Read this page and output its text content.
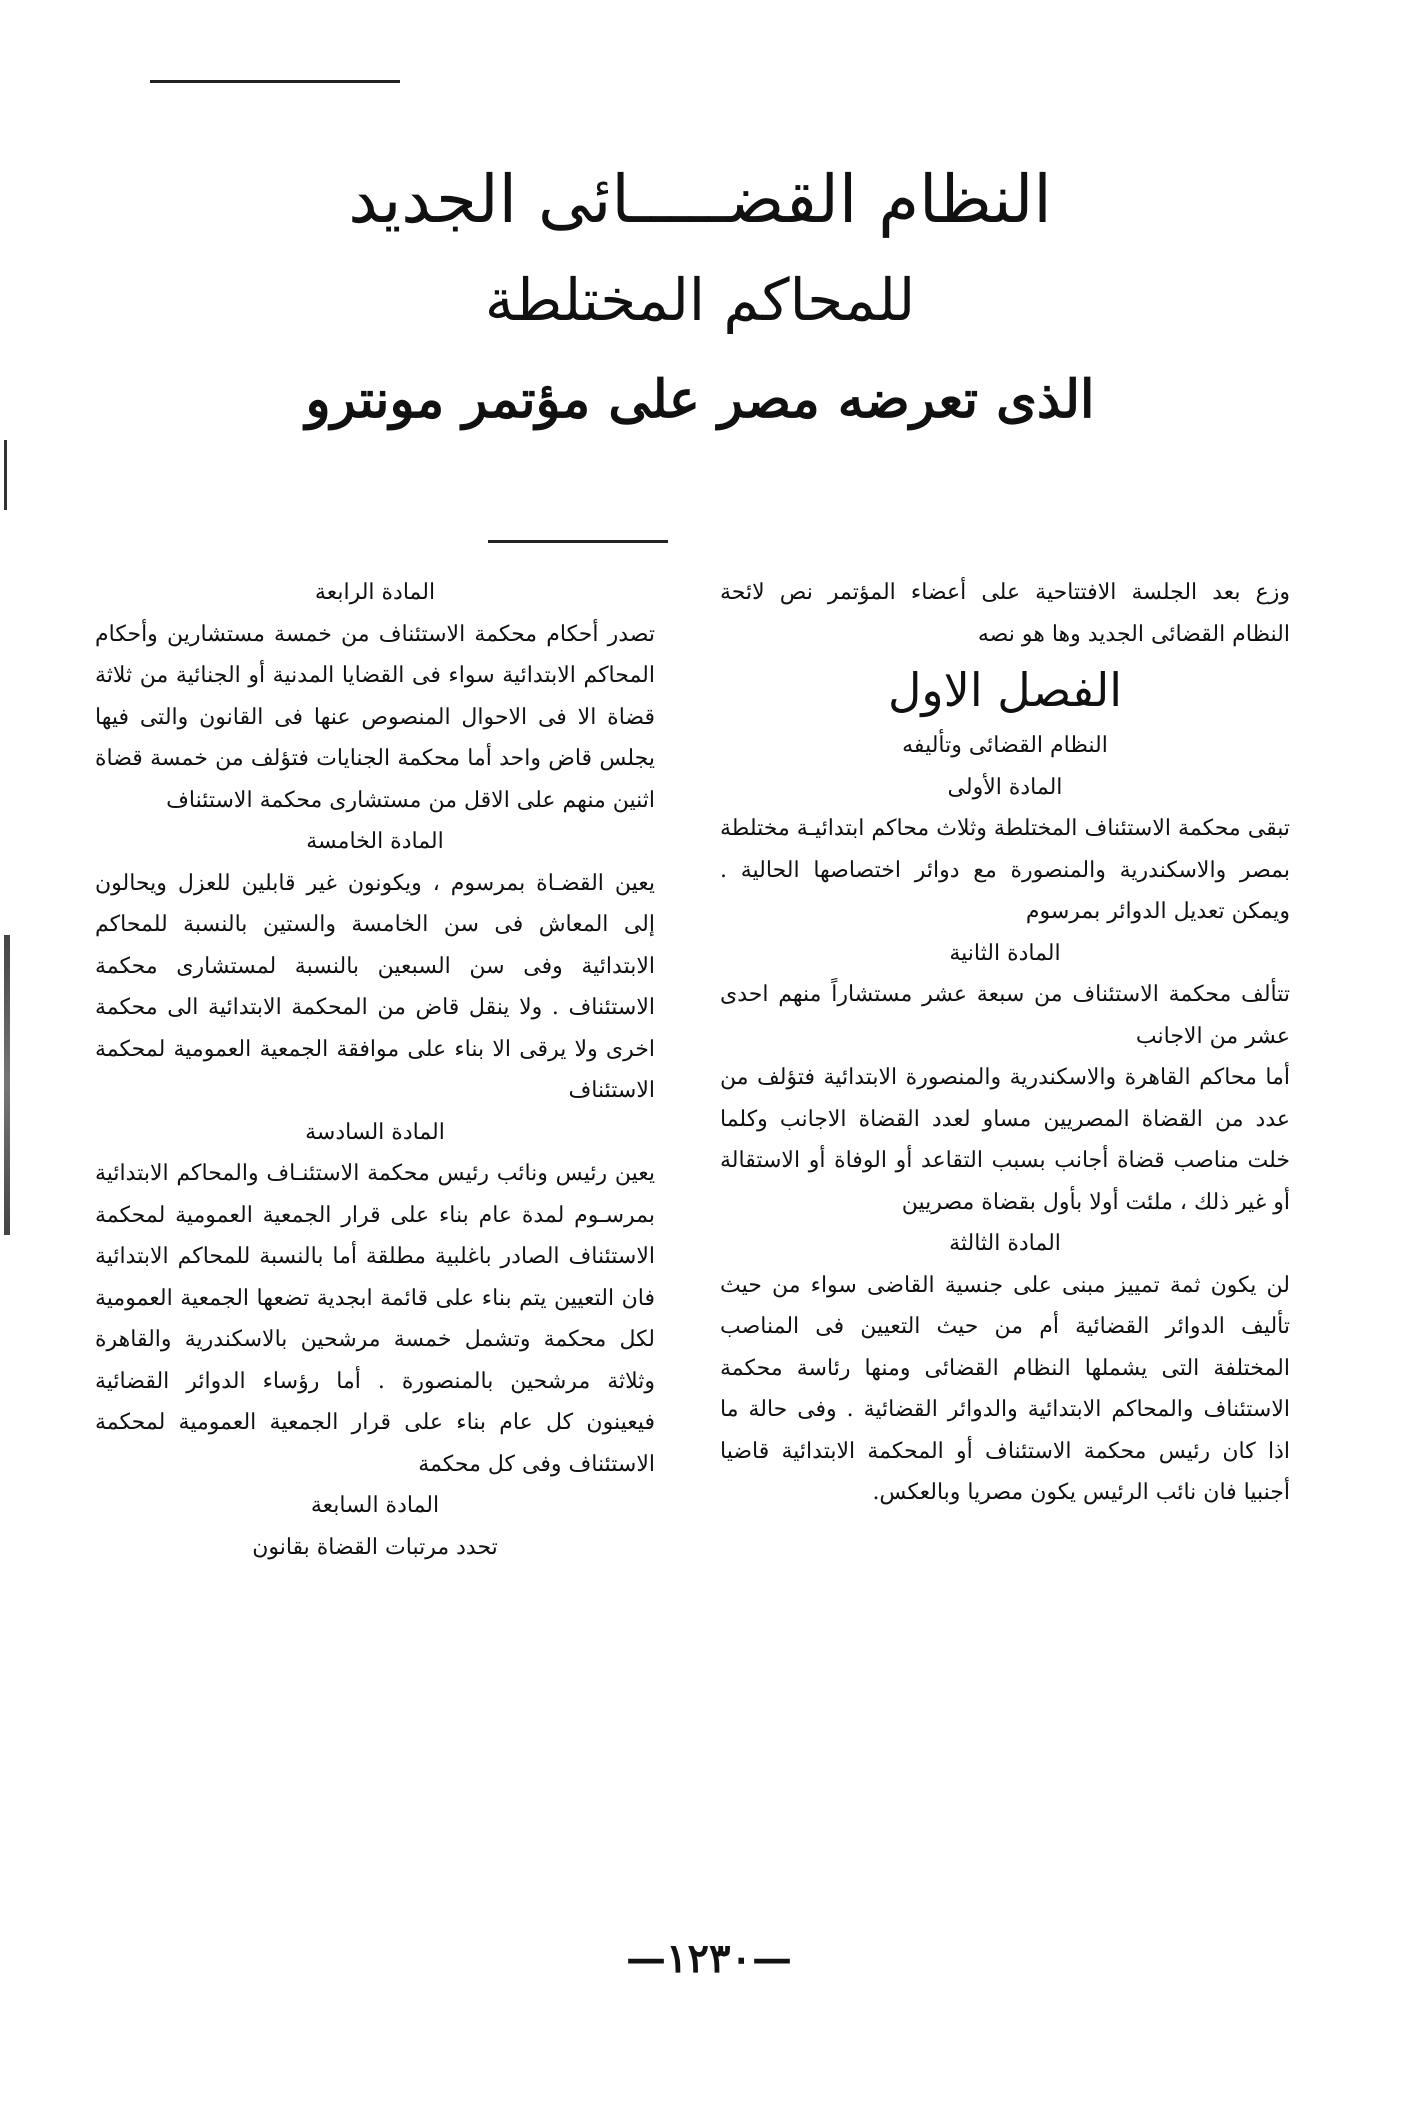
النظام القضـــــائى الجديد
للمحاكم المختلطة
الذى تعرضه مصر على مؤتمر مونترو

وزع بعد الجلسة الافتتاحية على أعضاء المؤتمر نص لائحة النظام القضائى الجديد وها هو نصه

الفصل الاول

النظام القضائى وتأليفه

المادة الأولى

تبقى محكمة الاستئناف المختلطة وثلاث محاكم ابتدائيـة مختلطة بمصر والاسكندرية والمنصورة مع دوائر اختصاصها الحالية . ويمكن تعديل الدوائر بمرسوم

المادة الثانية

تتألف محكمة الاستئناف من سبعة عشر مستشاراً منهم احدى عشر من الاجانب

أما محاكم القاهرة والاسكندرية والمنصورة الابتدائية فتؤلف من عدد من القضاة المصريين مساو لعدد القضاة الاجانب وكلما خلت مناصب قضاة أجانب بسبب التقاعد أو الوفاة أو الاستقالة أو غير ذلك ، ملئت أولا بأول بقضاة مصريين

المادة الثالثة

لن يكون ثمة تمييز مبنى على جنسية القاضى سواء من حيث تأليف الدوائر القضائية أم من حيث التعيين فى المناصب المختلفة التى يشملها النظام القضائى ومنها رئاسة محكمة الاستئناف والمحاكم الابتدائية والدوائر القضائية . وفى حالة ما اذا كان رئيس محكمة الاستئناف أو المحكمة الابتدائية قاضيا أجنبيا فان نائب الرئيس يكون مصريا وبالعكس.

المادة الرابعة

تصدر أحكام محكمة الاستئناف من خمسة مستشارين وأحكام المحاكم الابتدائية سواء فى القضايا المدنية أو الجنائية من ثلاثة قضاة الا فى الاحوال المنصوص عنها فى القانون والتى فيها يجلس قاض واحد أما محكمة الجنايات فتؤلف من خمسة قضاة اثنين منهم على الاقل من مستشارى محكمة الاستئناف

المادة الخامسة

يعين القضـاة بمرسوم ، ويكونون غير قابلين للعزل ويحالون إلى المعاش فى سن الخامسة والستين بالنسبة للمحاكم الابتدائية وفى سن السبعين بالنسبة لمستشارى محكمة الاستئناف . ولا ينقل قاض من المحكمة الابتدائية الى محكمة اخرى ولا يرقى الا بناء على موافقة الجمعية العمومية لمحكمة الاستئناف

المادة السادسة

يعين رئيس ونائب رئيس محكمة الاستئنـاف والمحاكم الابتدائية بمرسـوم لمدة عام بناء على قرار الجمعية العمومية لمحكمة الاستئناف الصادر باغلبية مطلقة أما بالنسبة للمحاكم الابتدائية فان التعيين يتم بناء على قائمة ابجدية تضعها الجمعية العمومية لكل محكمة وتشمل خمسة مرشحين بالاسكندرية والقاهرة وثلاثة مرشحين بالمنصورة . أما رؤساء الدوائر القضائية فيعينون كل عام بناء على قرار الجمعية العمومية لمحكمة الاستئناف وفى كل محكمة

المادة السابعة

تحدد مرتبات القضاة بقانون

—١٢٣٠—
